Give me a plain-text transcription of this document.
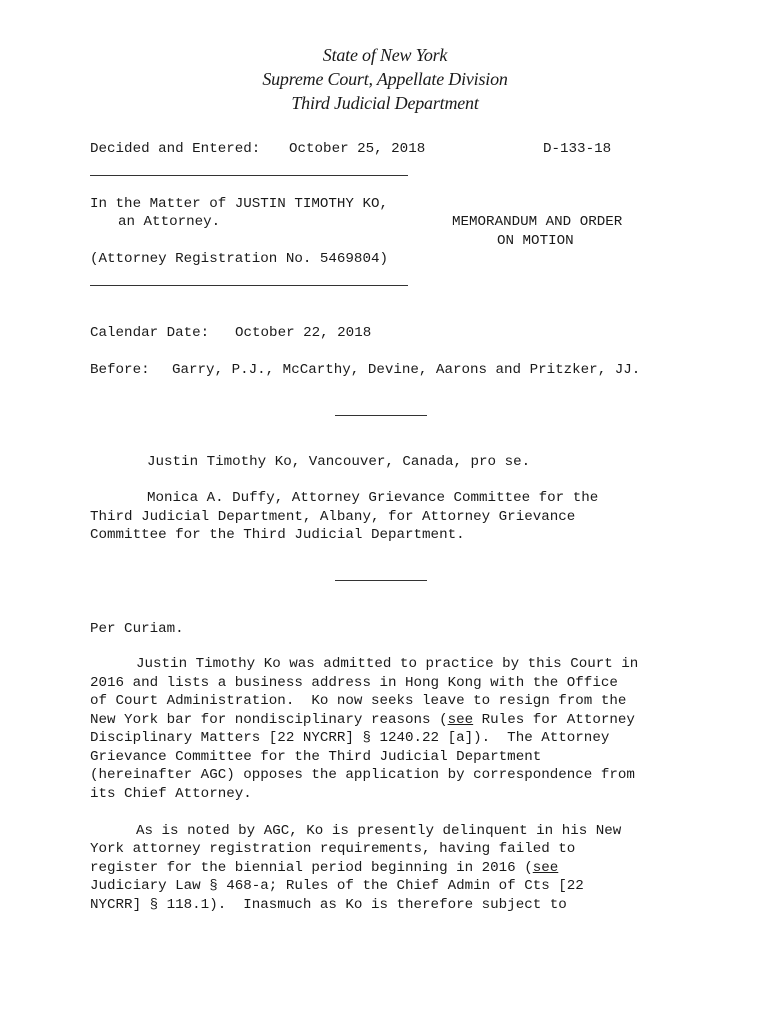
State of New York
Supreme Court, Appellate Division
Third Judicial Department
Decided and Entered: October 25, 2018	D-133-18
In the Matter of JUSTIN TIMOTHY KO,
an Attorney.	MEMORANDUM AND ORDER
ON MOTION
(Attorney Registration No. 5469804)
Calendar Date: October 22, 2018
Before: Garry, P.J., McCarthy, Devine, Aarons and Pritzker, JJ.
Justin Timothy Ko, Vancouver, Canada, pro se.
Monica A. Duffy, Attorney Grievance Committee for the
Third Judicial Department, Albany, for Attorney Grievance
Committee for the Third Judicial Department.
Per Curiam.
Justin Timothy Ko was admitted to practice by this Court in
2016 and lists a business address in Hong Kong with the Office
of Court Administration.  Ko now seeks leave to resign from the
New York bar for nondisciplinary reasons (see Rules for Attorney
Disciplinary Matters [22 NYCRR] § 1240.22 [a]).  The Attorney
Grievance Committee for the Third Judicial Department
(hereinafter AGC) opposes the application by correspondence from
its Chief Attorney.
As is noted by AGC, Ko is presently delinquent in his New
York attorney registration requirements, having failed to
register for the biennial period beginning in 2016 (see
Judiciary Law § 468-a; Rules of the Chief Admin of Cts [22
NYCRR] § 118.1).  Inasmuch as Ko is therefore subject to
